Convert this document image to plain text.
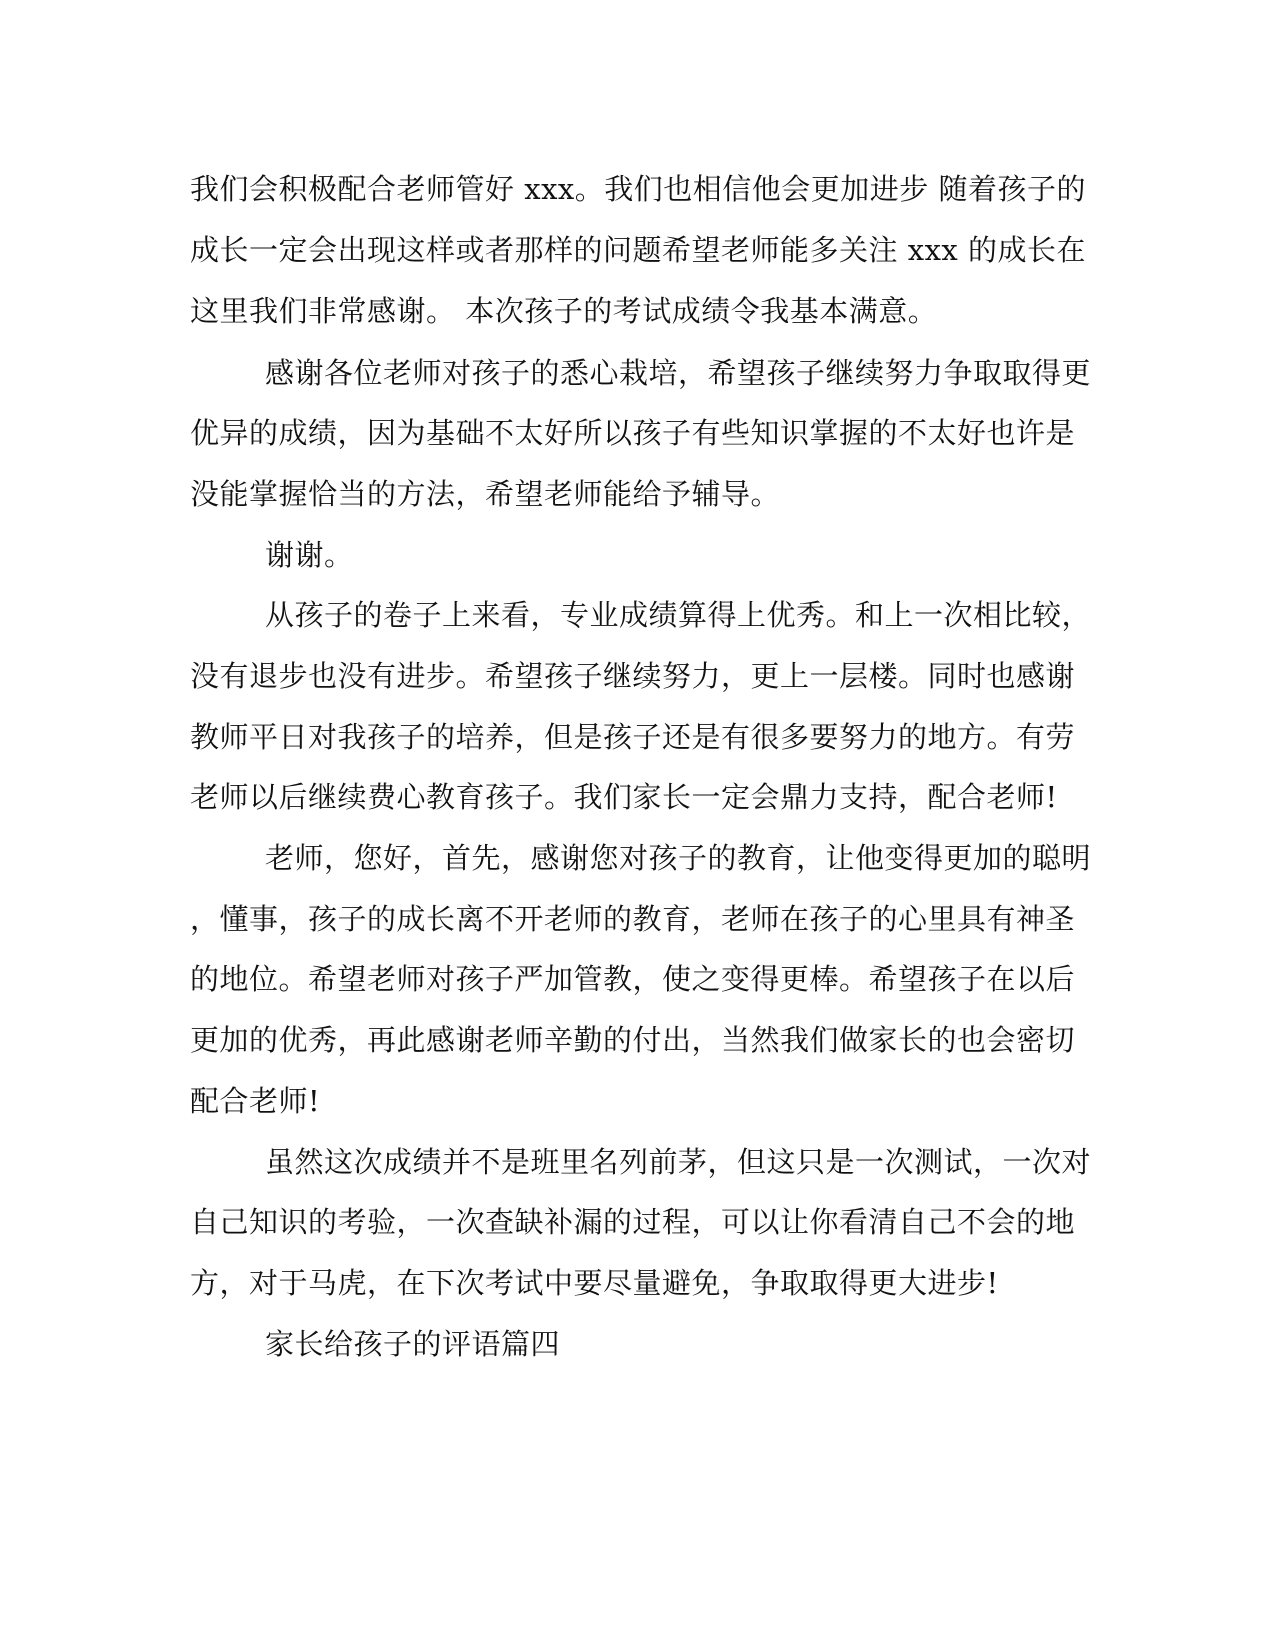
我们会积极配合老师管好 xxx。我们也相信他会更加进步 随着孩子的
成长一定会出现这样或者那样的问题希望老师能多关注 xxx 的成长在
这里我们非常感谢。 本次孩子的考试成绩令我基本满意。
感谢各位老师对孩子的悉心栽培，希望孩子继续努力争取取得更
优异的成绩，因为基础不太好所以孩子有些知识掌握的不太好也许是
没能掌握恰当的方法，希望老师能给予辅导。
谢谢。
从孩子的卷子上来看，专业成绩算得上优秀。和上一次相比较，
没有退步也没有进步。希望孩子继续努力，更上一层楼。同时也感谢
教师平日对我孩子的培养，但是孩子还是有很多要努力的地方。有劳
老师以后继续费心教育孩子。我们家长一定会鼎力支持，配合老师!
老师，您好，首先，感谢您对孩子的教育，让他变得更加的聪明
，懂事，孩子的成长离不开老师的教育，老师在孩子的心里具有神圣
的地位。希望老师对孩子严加管教，使之变得更棒。希望孩子在以后
更加的优秀，再此感谢老师辛勤的付出，当然我们做家长的也会密切
配合老师!
虽然这次成绩并不是班里名列前茅，但这只是一次测试，一次对
自己知识的考验，一次查缺补漏的过程，可以让你看清自己不会的地
方，对于马虎，在下次考试中要尽量避免，争取取得更大进步!
家长给孩子的评语篇四
